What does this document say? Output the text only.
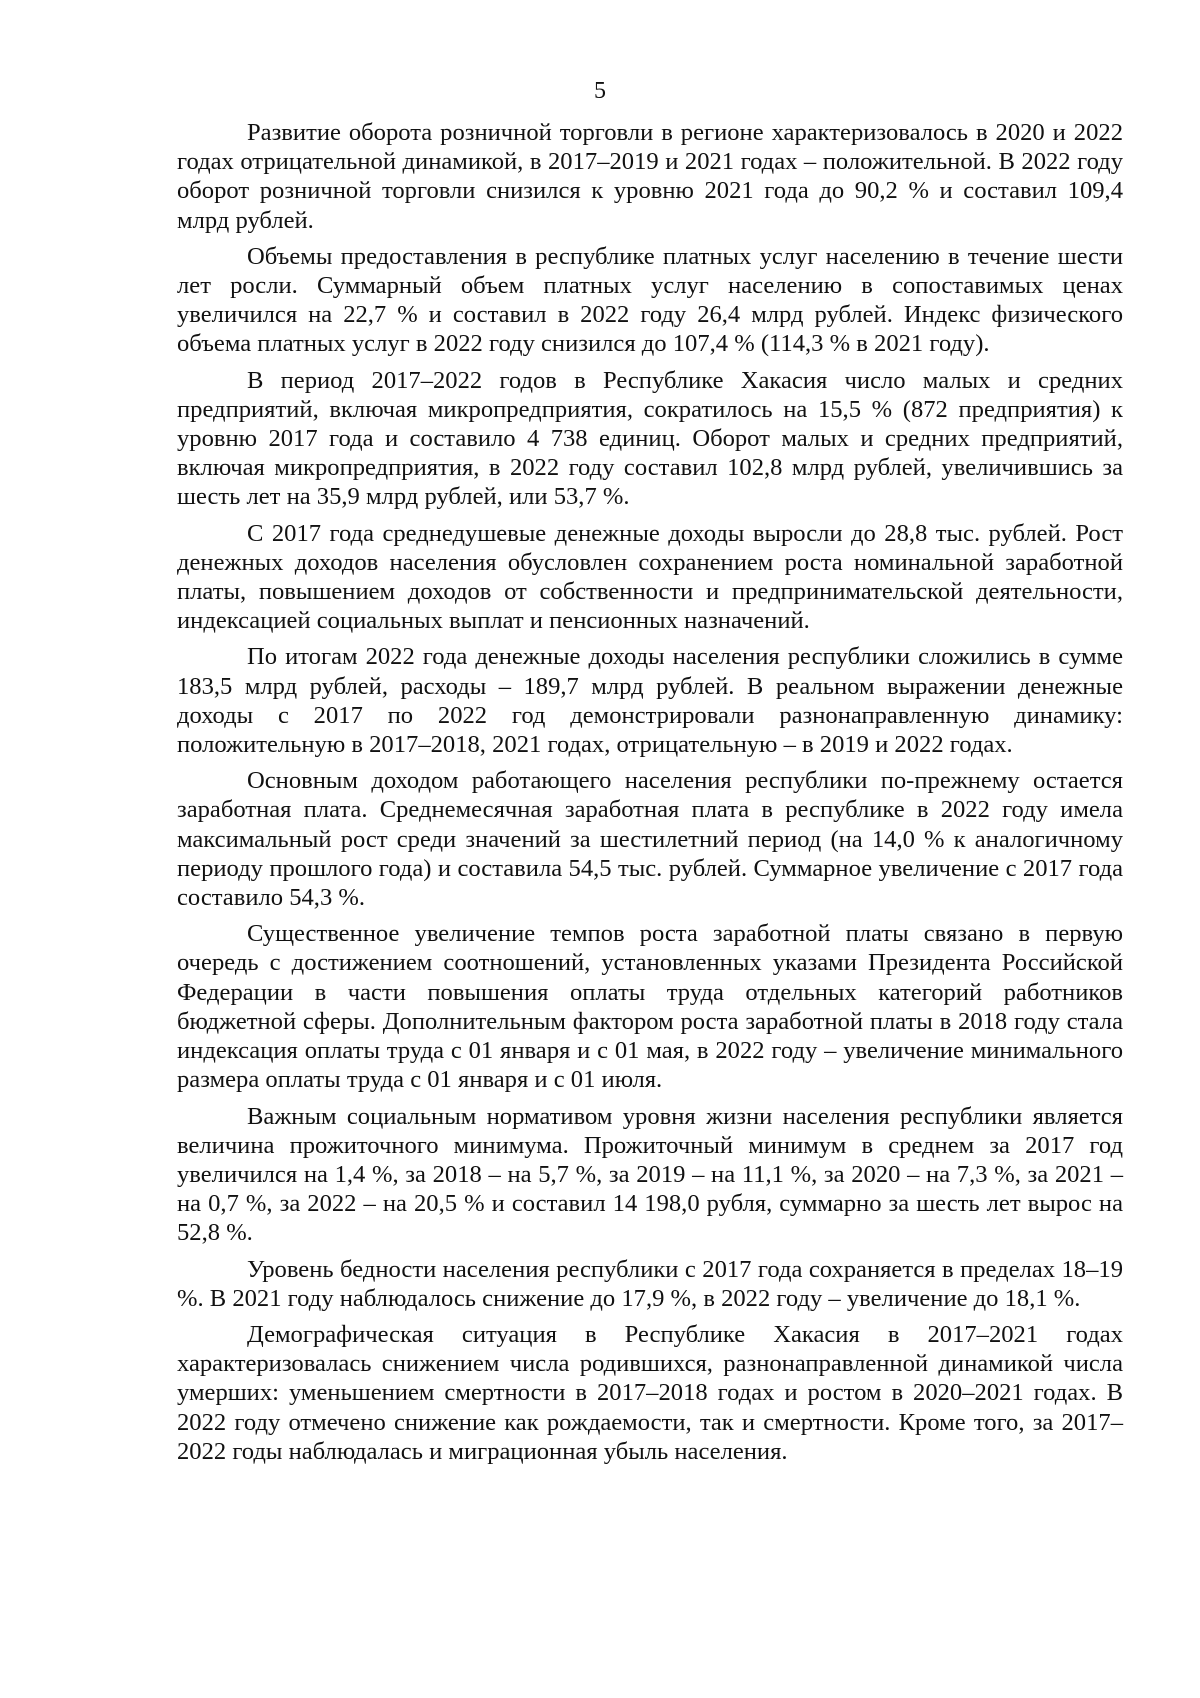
5

Развитие оборота розничной торговли в регионе характеризовалось в 2020 и 2022 годах отрицательной динамикой, в 2017–2019 и 2021 годах – положительной. В 2022 году оборот розничной торговли снизился к уровню 2021 года до 90,2 % и составил 109,4 млрд рублей.

Объемы предоставления в республике платных услуг населению в течение шести лет росли. Суммарный объем платных услуг населению в сопоставимых ценах увеличился на 22,7 % и составил в 2022 году 26,4 млрд рублей. Индекс физического объема платных услуг в 2022 году снизился до 107,4 % (114,3 % в 2021 году).

В период 2017–2022 годов в Республике Хакасия число малых и средних предприятий, включая микропредприятия, сократилось на 15,5 % (872 предприятия) к уровню 2017 года и составило 4 738 единиц. Оборот малых и средних предприятий, включая микропредприятия, в 2022 году составил 102,8 млрд рублей, увеличившись за шесть лет на 35,9 млрд рублей, или 53,7 %.

С 2017 года среднедушевые денежные доходы выросли до 28,8 тыс. рублей. Рост денежных доходов населения обусловлен сохранением роста номинальной заработной платы, повышением доходов от собственности и предпринимательской деятельности, индексацией социальных выплат и пенсионных назначений.

По итогам 2022 года денежные доходы населения республики сложились в сумме 183,5 млрд рублей, расходы – 189,7 млрд рублей. В реальном выражении денежные доходы с 2017 по 2022 год демонстрировали разнонаправленную динамику: положительную в 2017–2018, 2021 годах, отрицательную – в 2019 и 2022 годах.

Основным доходом работающего населения республики по-прежнему остается заработная плата. Среднемесячная заработная плата в республике в 2022 году имела максимальный рост среди значений за шестилетний период (на 14,0 % к аналогичному периоду прошлого года) и составила 54,5 тыс. рублей. Суммарное увеличение с 2017 года составило 54,3 %.

Существенное увеличение темпов роста заработной платы связано в первую очередь с достижением соотношений, установленных указами Президента Российской Федерации в части повышения оплаты труда отдельных категорий работников бюджетной сферы. Дополнительным фактором роста заработной платы в 2018 году стала индексация оплаты труда с 01 января и с 01 мая, в 2022 году – увеличение минимального размера оплаты труда с 01 января и с 01 июля.

Важным социальным нормативом уровня жизни населения республики является величина прожиточного минимума. Прожиточный минимум в среднем за 2017 год увеличился на 1,4 %, за 2018 – на 5,7 %, за 2019 – на 11,1 %, за 2020 – на 7,3 %, за 2021 – на 0,7 %, за 2022 – на 20,5 % и составил 14 198,0 рубля, суммарно за шесть лет вырос на 52,8 %.

Уровень бедности населения республики с 2017 года сохраняется в пределах 18–19 %. В 2021 году наблюдалось снижение до 17,9 %, в 2022 году – увеличение до 18,1 %.

Демографическая ситуация в Республике Хакасия в 2017–2021 годах характеризовалась снижением числа родившихся, разнонаправленной динамикой числа умерших: уменьшением смертности в 2017–2018 годах и ростом в 2020–2021 годах. В 2022 году отмечено снижение как рождаемости, так и смертности. Кроме того, за 2017–2022 годы наблюдалась и миграционная убыль населения.
